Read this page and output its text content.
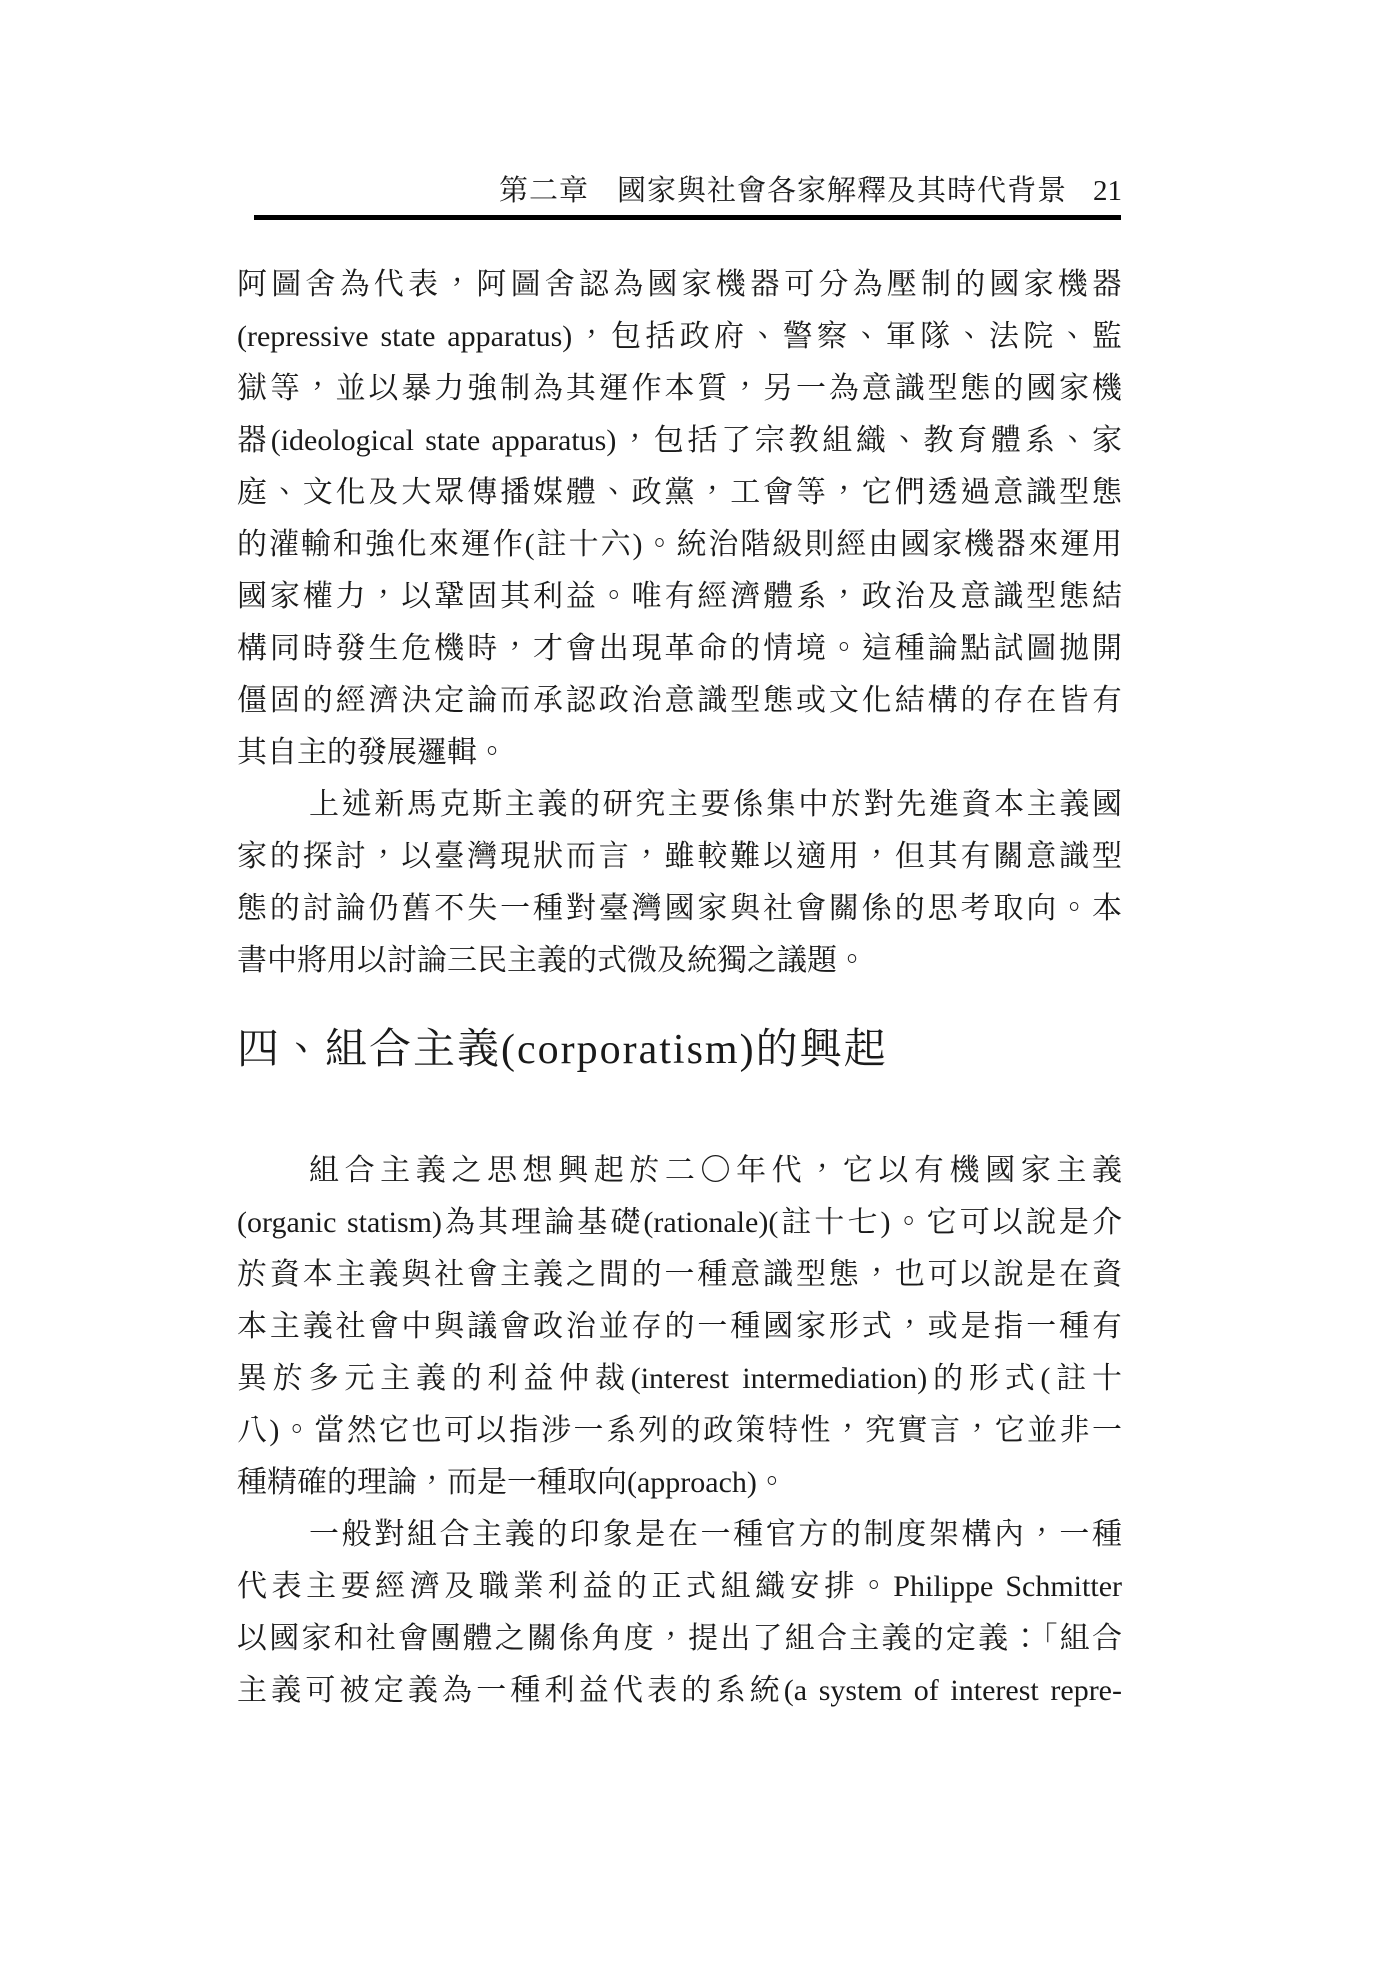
第二章 國家與社會各家解釋及其時代背景 21
阿圖舍為代表，阿圖舍認為國家機器可分為壓制的國家機器
(repressive state apparatus)，包括政府、警察、軍隊、法院、監
獄等，並以暴力強制為其運作本質，另一為意識型態的國家機
器(ideological state apparatus)，包括了宗教組織、教育體系、家
庭、文化及大眾傳播媒體、政黨，工會等，它們透過意識型態
的灌輸和強化來運作(註十六)。統治階級則經由國家機器來運用
國家權力，以鞏固其利益。唯有經濟體系，政治及意識型態結
構同時發生危機時，才會出現革命的情境。這種論點試圖拋開
僵固的經濟決定論而承認政治意識型態或文化結構的存在皆有
其自主的發展邏輯。
上述新馬克斯主義的研究主要係集中於對先進資本主義國
家的探討，以臺灣現狀而言，雖較難以適用，但其有關意識型
態的討論仍舊不失一種對臺灣國家與社會關係的思考取向。本
書中將用以討論三民主義的式微及統獨之議題。
四、組合主義(corporatism)的興起
組合主義之思想興起於二〇年代，它以有機國家主義
(organic statism)為其理論基礎(rationale)(註十七)。它可以說是介
於資本主義與社會主義之間的一種意識型態，也可以說是在資
本主義社會中與議會政治並存的一種國家形式，或是指一種有
異於多元主義的利益仲裁(interest intermediation)的形式(註十
八)。當然它也可以指涉一系列的政策特性，究實言，它並非一
種精確的理論，而是一種取向(approach)。
一般對組合主義的印象是在一種官方的制度架構內，一種
代表主要經濟及職業利益的正式組織安排。Philippe Schmitter
以國家和社會團體之關係角度，提出了組合主義的定義：「組合
主義可被定義為一種利益代表的系統(a system of interest repre-
